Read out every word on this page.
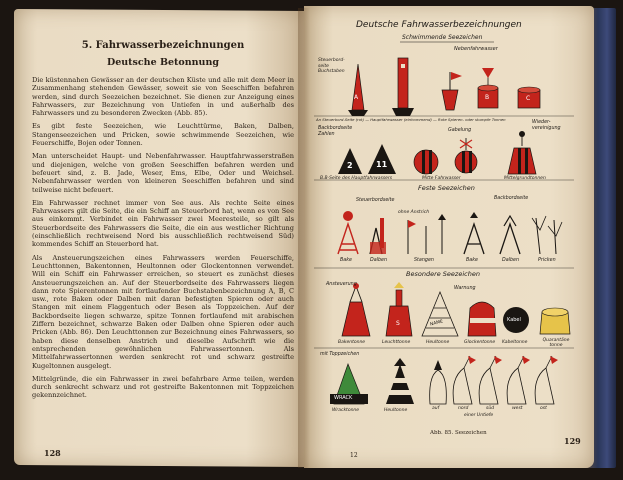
5. Fahrwasserbezeichnungen
Deutsche Betonnung

Die küstennahen Gewässer an der deutschen Küste und alle mit dem Meer in Zusammenhang stehenden Gewässer, soweit sie von Seeschiffen befahren werden, sind durch Seezeichen bezeichnet. Sie dienen zur Anzeigung eines Fahrwassers, zur Bezeichnung von Untiefen in und außerhalb des Fahrwassers und zu besonderen Zwecken (Abb. 85).

Es gibt feste Seezeichen, wie Leuchttürme, Baken, Dalben, Stangenseezeichen und Pricken, sowie schwimmende Seezeichen, wie Feuerschiffe, Bojen oder Tonnen.

Man unterscheidet Haupt- und Nebenfahrwasser. Hauptfahrwasserstraßen und diejenigen, welche von großen Seeschiffen befahren werden und befeuert sind, z. B. Jade, Weser, Ems, Elbe, Oder und Weichsel. Nebenfahrwasser werden von kleineren Seeschiffen befahren und sind teilweise nicht befeuert.

Ein Fahrwasser rechnet immer von See aus. Als rechte Seite eines Fahrwassers gilt die Seite, die ein Schiff an Steuerbord hat, wenn es von See aus einkommt. Verbindet ein Fahrwasser zwei Meeresteile, so gilt als Steuerbordseite des Fahrwassers die Seite, die ein aus westlicher Richtung (einschließlich rechtweisend Nord bis ausschließlich rechtweisend Süd) kommendes Schiff an Steuerbord hat.

Als Ansteuerungszeichen eines Fahrwassers werden Feuerschiffe, Leuchttonnen, Bakentonnen, Heultonnen oder Glockentonnen verwendet. Will ein Schiff ein Fahrwasser erreichen, so steuert es zunächst dieses Ansteuerungszeichen an. Auf der Steuerbordseite des Fahrwassers liegen dann rote Spierentonnen mit fortlaufender Buchstabenbezeichnung A, B, C usw., rote Baken oder Dalben mit daran befestigten Spieren oder auch Stangen mit einem Flaggentuch oder Besen als Toppzeichen. Auf der Backbordseite liegen schwarze, spitze Tonnen fortlaufend mit arabischen Ziffern bezeichnet, schwarze Baken oder Dalben ohne Spieren oder auch Pricken (Abb. 86). Den Leuchttonnen zur Bezeichnung eines Fahrwassers, so haben diese denselben Anstrich und dieselbe Aufschrift wie die entsprechenden gewöhnlichen Fahrwassertonnen. Als Mittelfahrwassertonnen werden senkrecht rot und schwarz gestreifte Kugeltonnen ausgelegt.

Mittelgründe, die ein Fahrwasser in zwei befahrbare Arme teilen, werden durch senkrecht schwarz und rot gestreifte Bakentonnen mit Toppzeichen gekennzeichnet.

128
Deutsche Fahrwasserbezeichnungen
Schwimmende Seezeichen
A	B	C
2	11
S	NAME	Kabel
WRACK
Steuerbord-seite Buchstaben
Nebenfahrwasser
An Steuerbord-Seite (rot) — Hauptfahrwasser (einhommend) — Rote Spieren- oder stumpfe Tonnen
Backbordseite Zahlen
Gabelung
Wieder-vereinigung
B.B-Seite des Hauptfahrwassers	Mitte Fahrwasser	Mittelgrundtonnen
Feste Seezeichen
Steuerbordseite
ohne Anstrich
Backbordseite
Bake	Dalben	Stangen	Bake	Dalben	Pricken
Besondere Seezeichen
Ansteuerung
Warnung
Bakentonne	Leuchttonne	Heultonne	Glockentonne Kabeltonne	Quarantäne tonne
mit Toppzeichen
Wracktonne	Heultonne	auf	nord	süd	west	ost
einer Untiefe
Abb. 85. Seezeichen
12
129
